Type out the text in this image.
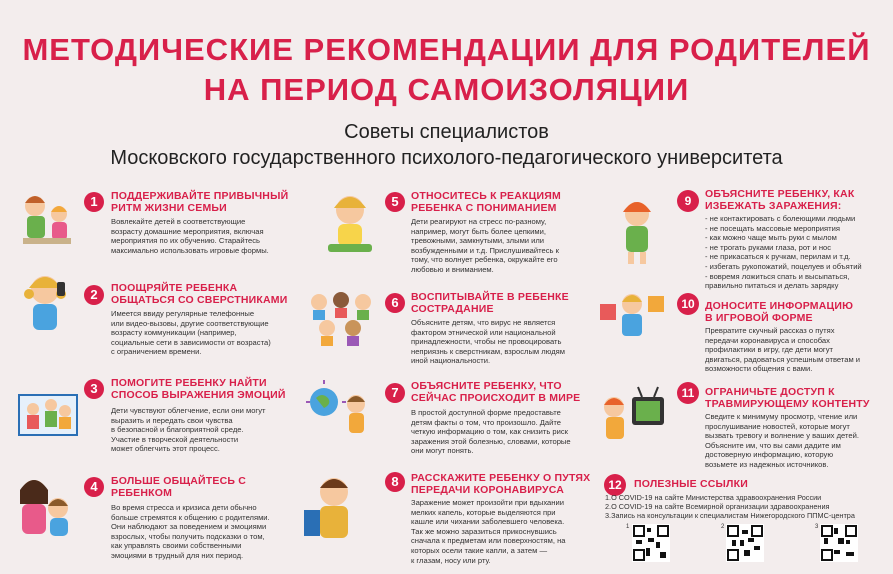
МЕТОДИЧЕСКИЕ РЕКОМЕНДАЦИИ ДЛЯ РОДИТЕЛЕЙ
НА ПЕРИОД САМОИЗОЛЯЦИИ
Советы специалистов
Московского государственного психолого-педагогического университета
1	ПОДДЕРЖИВАЙТЕ ПРИВЫЧНЫЙ
РИТМ ЖИЗНИ СЕМЬИ
Вовлекайте детей в соответствующие
возрасту домашние мероприятия, включая
мероприятия по их обучению. Старайтесь
максимально использовать игровые формы.
2	ПООЩРЯЙТЕ РЕБЕНКА
ОБЩАТЬСЯ СО СВЕРСТНИКАМИ
Имеется ввиду регулярные телефонные
или видео-вызовы, другие соответствующие
возрасту коммуникации (например,
социальные сети в зависимости от возраста)
с ограничением времени.
3	ПОМОГИТЕ РЕБЕНКУ НАЙТИ
СПОСОБ ВЫРАЖЕНИЯ ЭМОЦИЙ
Дети чувствуют облегчение, если они могут
выразить и передать свои чувства
в безопасной и благоприятной среде.
Участие в творческой деятельности
может облегчить этот процесс.
4	БОЛЬШЕ ОБЩАЙТЕСЬ С
РЕБЕНКОМ
Во время стресса и кризиса дети обычно
больше стремятся к общению с родителями.
Они наблюдают за поведением и эмоциями
взрослых, чтобы получить подсказки о том,
как управлять своими собственными
эмоциями в трудный для них период.
5	ОТНОСИТЕСЬ К РЕАКЦИЯМ
РЕБЕНКА С ПОНИМАНИЕМ
Дети реагируют на стресс по-разному,
например, могут быть более цепкими,
тревожными, замкнутыми, злыми или
возбужденными и т.д. Прислушивайтесь к
тому, что волнует ребенка, окружайте его
любовью и вниманием.
6	ВОСПИТЫВАЙТЕ В РЕБЕНКЕ
СОСТРАДАНИЕ
Объясните детям, что вирус не является
фактором этнической или национальной
принадлежности, чтобы не провоцировать
неприязнь к сверстникам, взрослым людям
иной национальности.
7	ОБЪЯСНИТЕ РЕБЕНКУ, ЧТО
СЕЙЧАС ПРОИСХОДИТ В МИРЕ
В простой доступной форме предоставьте
детям факты о том, что произошло. Дайте
четкую информацию о том, как снизить риск
заражения этой болезнью, словами, которые
они могут понять.
8	РАССКАЖИТЕ РЕБЕНКУ О ПУТЯХ
ПЕРЕДАЧИ КОРОНАВИРУСА
Заражение может произойти при вдыхании
мелких капель, которые выделяются при
кашле или чихании заболевшего человека.
Так же можно заразиться прикоснувшись
сначала к предметам или поверхностям, на
которых осели такие капли, а затем —
к глазам, носу или рту.
9	ОБЪЯСНИТЕ РЕБЕНКУ, КАК
ИЗБЕЖАТЬ ЗАРАЖЕНИЯ:
- не контактировать с болеющими людьми
- не посещать массовые мероприятия
- как можно чаще мыть руки с мылом
- не трогать руками глаза, рот и нос
- не прикасаться к ручкам, перилам и т.д.
- избегать рукопожатий, поцелуев и объятий
- вовремя ложиться спать и высыпаться,
правильно питаться и делать зарядку
10 ДОНОСИТЕ ИНФОРМАЦИЮ
В ИГРОВОЙ ФОРМЕ
Превратите скучный рассказ о путях
передачи коронавируса и способах
профилактики в игру, где дети могут
двигаться, радоваться успешным ответам и
возможности общения с вами.
11	ОГРАНИЧЬТЕ ДОСТУП К
ТРАВМИРУЮЩЕМУ КОНТЕНТУ
Сведите к минимуму просмотр, чтение или
прослушивание новостей, которые могут
вызвать тревогу и волнение у ваших детей.
Объясните им, что вы сами дадите им
достоверную информацию, которую
возьмете из надежных источников.
12	ПОЛЕЗНЫЕ ССЫЛКИ
1.О COVID-19 на сайте Министерства здравоохранения России
2.О COVID-19 на сайте Всемирной организации здравоохранения
3.Запись на консультации к специалистам Нижегородского ППМС-центра
1	2	3
